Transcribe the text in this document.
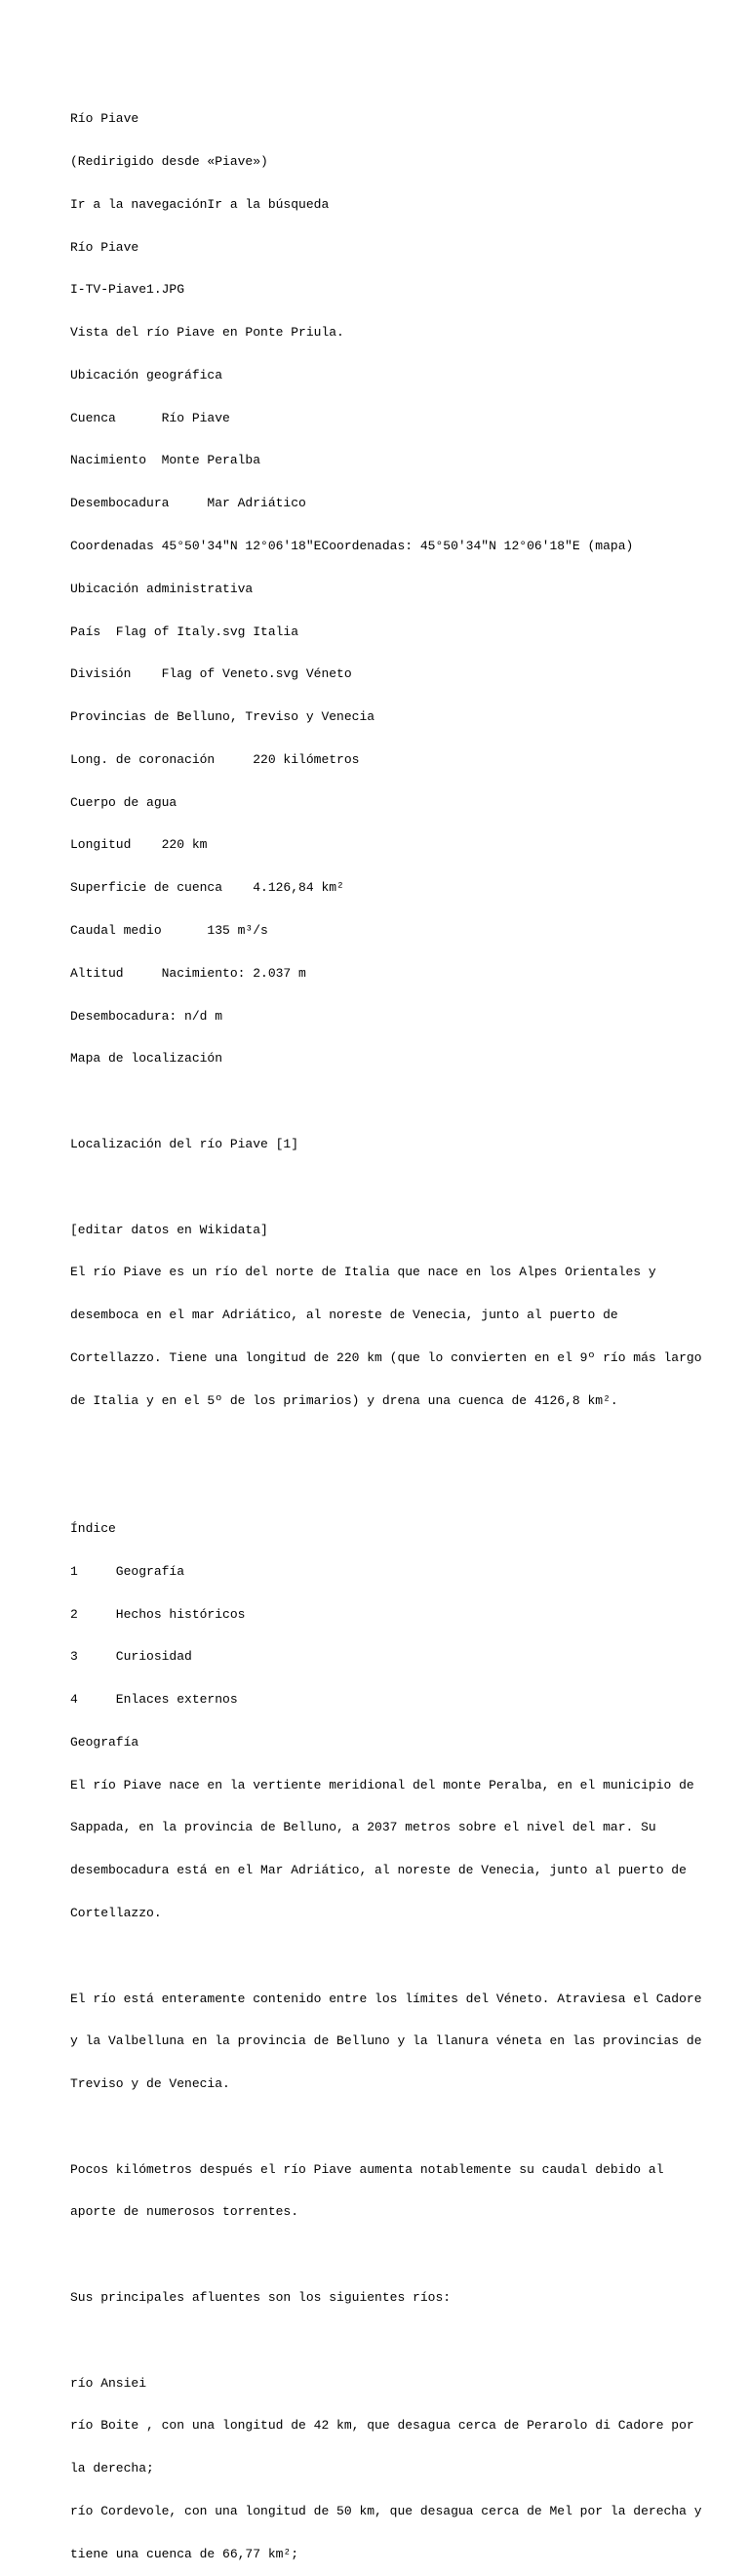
Río Piave

(Redirigido desde «Piave»)

Ir a la navegaciónIr a la búsqueda

Río Piave

I-TV-Piave1.JPG

Vista del río Piave en Ponte Priula.

Ubicación geográfica

Cuenca      Río Piave

Nacimiento  Monte Peralba

Desembocadura     Mar Adriático

Coordenadas 45°50′34″N 12°06′18″ECoordenadas: 45°50′34″N 12°06′18″E (mapa)

Ubicación administrativa

País  Flag of Italy.svg Italia

División    Flag of Veneto.svg Véneto

Provincias de Belluno, Treviso y Venecia

Long. de coronación     220 kilómetros

Cuerpo de agua

Longitud    220 km

Superficie de cuenca    4.126,84 km²

Caudal medio      135 m³/s

Altitud     Nacimiento: 2.037 m

Desembocadura: n/d m

Mapa de localización

Localización del río Piave [1]

[editar datos en Wikidata]

El río Piave es un río del norte de Italia que nace en los Alpes Orientales y

desemboca en el mar Adriático, al noreste de Venecia, junto al puerto de

Cortellazzo. Tiene una longitud de 220 km (que lo convierten en el 9º río más largo

de Italia y en el 5º de los primarios) y drena una cuenca de 4126,8 km².

Índice

1     Geografía

2     Hechos históricos

3     Curiosidad

4     Enlaces externos

Geografía

El río Piave nace en la vertiente meridional del monte Peralba, en el municipio de

Sappada, en la provincia de Belluno, a 2037 metros sobre el nivel del mar. Su

desembocadura está en el Mar Adriático, al noreste de Venecia, junto al puerto de

Cortellazzo.

El río está enteramente contenido entre los límites del Véneto. Atraviesa el Cadore

y la Valbelluna en la provincia de Belluno y la llanura véneta en las provincias de

Treviso y de Venecia.

Pocos kilómetros después el río Piave aumenta notablemente su caudal debido al

aporte de numerosos torrentes.

Sus principales afluentes son los siguientes ríos:

río Ansiei

río Boite , con una longitud de 42 km, que desagua cerca de Perarolo di Cadore por

la derecha;

río Cordevole, con una longitud de 50 km, que desagua cerca de Mel por la derecha y

tiene una cuenca de 66,77 km²;
